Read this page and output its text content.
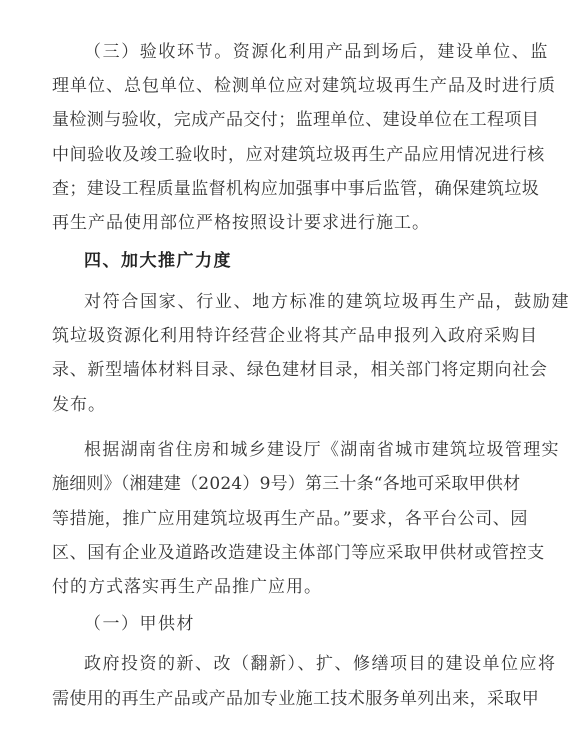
（三）验收环节。资源化利用产品到场后，建设单位、监
理单位、总包单位、检测单位应对建筑垃圾再生产品及时进行质
量检测与验收，完成产品交付；监理单位、建设单位在工程项目
中间验收及竣工验收时，应对建筑垃圾再生产品应用情况进行核
查；建设工程质量监督机构应加强事中事后监管，确保建筑垃圾
再生产品使用部位严格按照设计要求进行施工。
四、加大推广力度
对符合国家、行业、地方标准的建筑垃圾再生产品，鼓励建
筑垃圾资源化利用特许经营企业将其产品申报列入政府采购目
录、新型墙体材料目录、绿色建材目录，相关部门将定期向社会
发布。
根据湖南省住房和城乡建设厅《湖南省城市建筑垃圾管理实
施细则》（湘建建（2024）9号）第三十条“各地可采取甲供材
等措施，推广应用建筑垃圾再生产品。”要求，各平台公司、园
区、国有企业及道路改造建设主体部门等应采取甲供材或管控支
付的方式落实再生产品推广应用。
（一）甲供材
政府投资的新、改（翻新）、扩、修缮项目的建设单位应将
需使用的再生产品或产品加专业施工技术服务单列出来，采取甲
